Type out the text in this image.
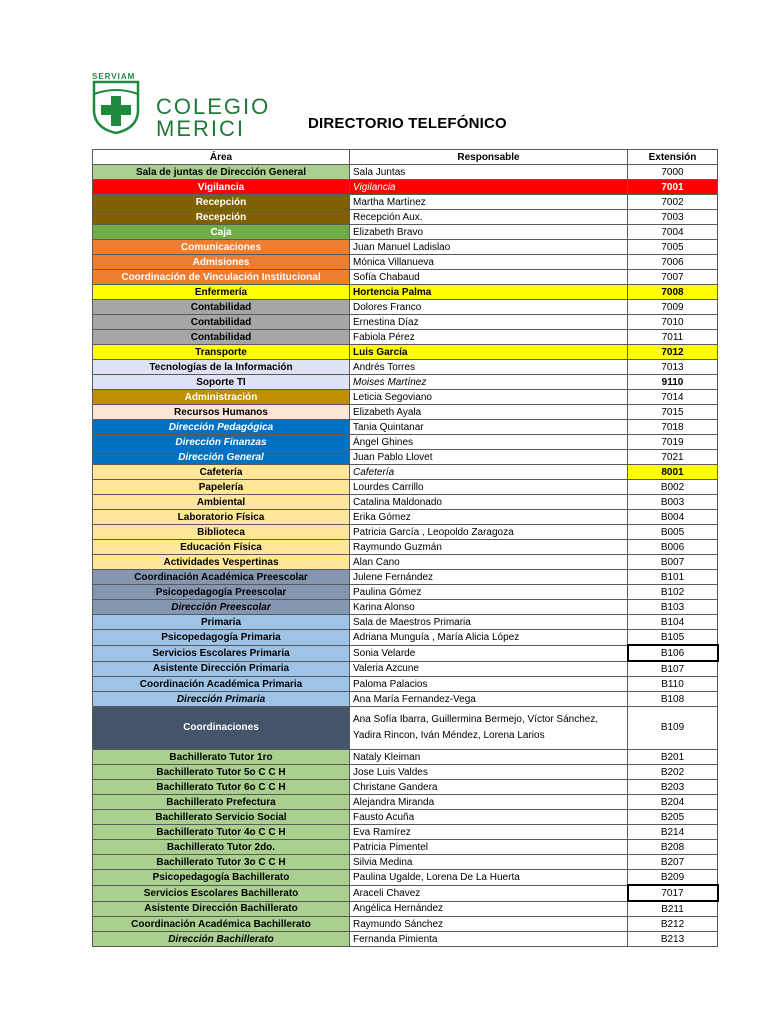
SERVIAM
COLEGIO
MERICI	DIRECTORIO TELEFÓNICO
Área	Responsable	Extensión
Sala de juntas de Dirección General	Sala Juntas	7000
Vigilancia	Vigilancia	7001
Recepción	Martha Martínez	7002
Recepción	Recepción Aux.	7003
Caja	Elizabeth Bravo	7004
Comunicaciones	Juan Manuel Ladislao	7005
Admisiones	Mónica Villanueva	7006
Coordinación de Vinculación Institucional	Sofía Chabaud	7007
Enfermería	Hortencia Palma	7008
Contabilidad	Dolores Franco	7009
Contabilidad	Ernestina Díaz	7010
Contabilidad	Fabiola Pérez	7011
Transporte	Luis García	7012
Tecnologías de la Información	Andrés Torres	7013
Soporte TI	Moises Martínez	9110
Administración	Leticia Segoviano	7014
Recursos Humanos	Elizabeth Ayala	7015
Dirección Pedagógica	Tania Quintanar	7018
Dirección Finanzas	Ángel Ghines	7019
Dirección General	Juan Pablo Llovet	7021
Cafetería	Cafetería	8001
Papelería	Lourdes Carrillo	B002
Ambiental	Catalina Maldonado	B003
Laboratorio Física	Erika Gómez	B004
Biblioteca	Patricia García , Leopoldo Zaragoza	B005
Educación Física	Raymundo Guzmán	B006
Actividades Vespertinas	Alan Cano	B007
Coordinación Académica Preescolar	Julene Fernández	B101
Psicopedagogía Preescolar	Paulina Gómez	B102
Dirección Preescolar	Karina Alonso	B103
Primaria	Sala de Maestros Primaria	B104
Psicopedagogía Primaria	Adriana Munguía , María Alicia López	B105
Servicios Escolares Primaria	Sonia Velarde	B106
Asistente Dirección Primaria	Valeria Azcune	B107
Coordinación Académica Primaria	Paloma Palacios	B110
Dirección Primaria	Ana María Fernandez-Vega	B108
Coordinaciones	Ana Sofía Ibarra, Guillermina Bermejo, Víctor Sánchez, Yadira Rincon, Iván Méndez, Lorena Larios	B109
Bachillerato Tutor 1ro	Nataly Kleiman	B201
Bachillerato Tutor 5o C C H	Jose Luis Valdes	B202
Bachillerato Tutor 6o C C H	Christane Gandera	B203
Bachillerato Prefectura	Alejandra Miranda	B204
Bachillerato Servicio Social	Fausto Acuña	B205
Bachillerato Tutor 4o C C H	Eva Ramírez	B214
Bachillerato Tutor 2do.	Patricia Pimentel	B208
Bachillerato Tutor 3o C C H	Silvia Medina	B207
Psicopedagogía Bachillerato	Paulina Ugalde, Lorena De La Huerta	B209
Servicios Escolares Bachillerato	Araceli Chavez	7017
Asistente Dirección Bachillerato	Angélica Hernández	B211
Coordinación Académica Bachillerato	Raymundo Sánchez	B212
Dirección Bachillerato	Fernanda Pimienta	B213
